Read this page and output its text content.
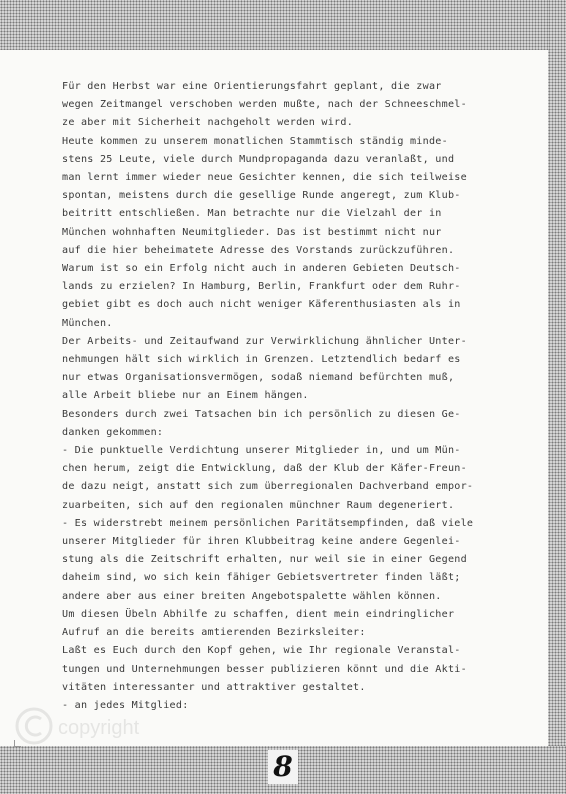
Für den Herbst war eine Orientierungsfahrt geplant, die zwar
wegen Zeitmangel verschoben werden mußte, nach der Schneeschmel-
ze aber mit Sicherheit nachgeholt werden wird.
Heute kommen zu unserem monatlichen Stammtisch ständig minde-
stens 25 Leute, viele durch Mundpropaganda dazu veranlaßt, und
man lernt immer wieder neue Gesichter kennen, die sich teilweise
spontan, meistens durch die gesellige Runde angeregt, zum Klub-
beitritt entschließen. Man betrachte nur die Vielzahl der in
München wohnhaften Neumitglieder. Das ist bestimmt nicht nur
auf die hier beheimatete Adresse des Vorstands zurückzuführen.
Warum ist so ein Erfolg nicht auch in anderen Gebieten Deutsch-
lands zu erzielen? In Hamburg, Berlin, Frankfurt oder dem Ruhr-
gebiet gibt es doch auch nicht weniger Käferenthusiasten als in
München.
Der Arbeits- und Zeitaufwand zur Verwirklichung ähnlicher Unter-
nehmungen hält sich wirklich in Grenzen. Letztendlich bedarf es
nur etwas Organisationsvermögen, sodaß niemand befürchten muß,
alle Arbeit bliebe nur an Einem hängen.
Besonders durch zwei Tatsachen bin ich persönlich zu diesen Ge-
danken gekommen:
- Die punktuelle Verdichtung unserer Mitglieder in, und um Mün-
chen herum, zeigt die Entwicklung, daß der Klub der Käfer-Freun-
de dazu neigt, anstatt sich zum überregionalen Dachverband empor-
zuarbeiten, sich auf den regionalen münchner Raum degeneriert.
- Es widerstrebt meinem persönlichen Paritätsempfinden, daß viele
unserer Mitglieder für ihren Klubbeitrag keine andere Gegenlei-
stung als die Zeitschrift erhalten, nur weil sie in einer Gegend
daheim sind, wo sich kein fähiger Gebietsvertreter finden läßt;
andere aber aus einer breiten Angebotspalette wählen können.
Um diesen Übeln Abhilfe zu schaffen, dient mein eindringlicher
Aufruf an die bereits amtierenden Bezirksleiter:
Laßt es Euch durch den Kopf gehen, wie Ihr regionale Veranstal-
tungen und Unternehmungen besser publizieren könnt und die Akti-
vitäten interessanter und attraktiver gestaltet.
- an jedes Mitglied:
copyright
8
